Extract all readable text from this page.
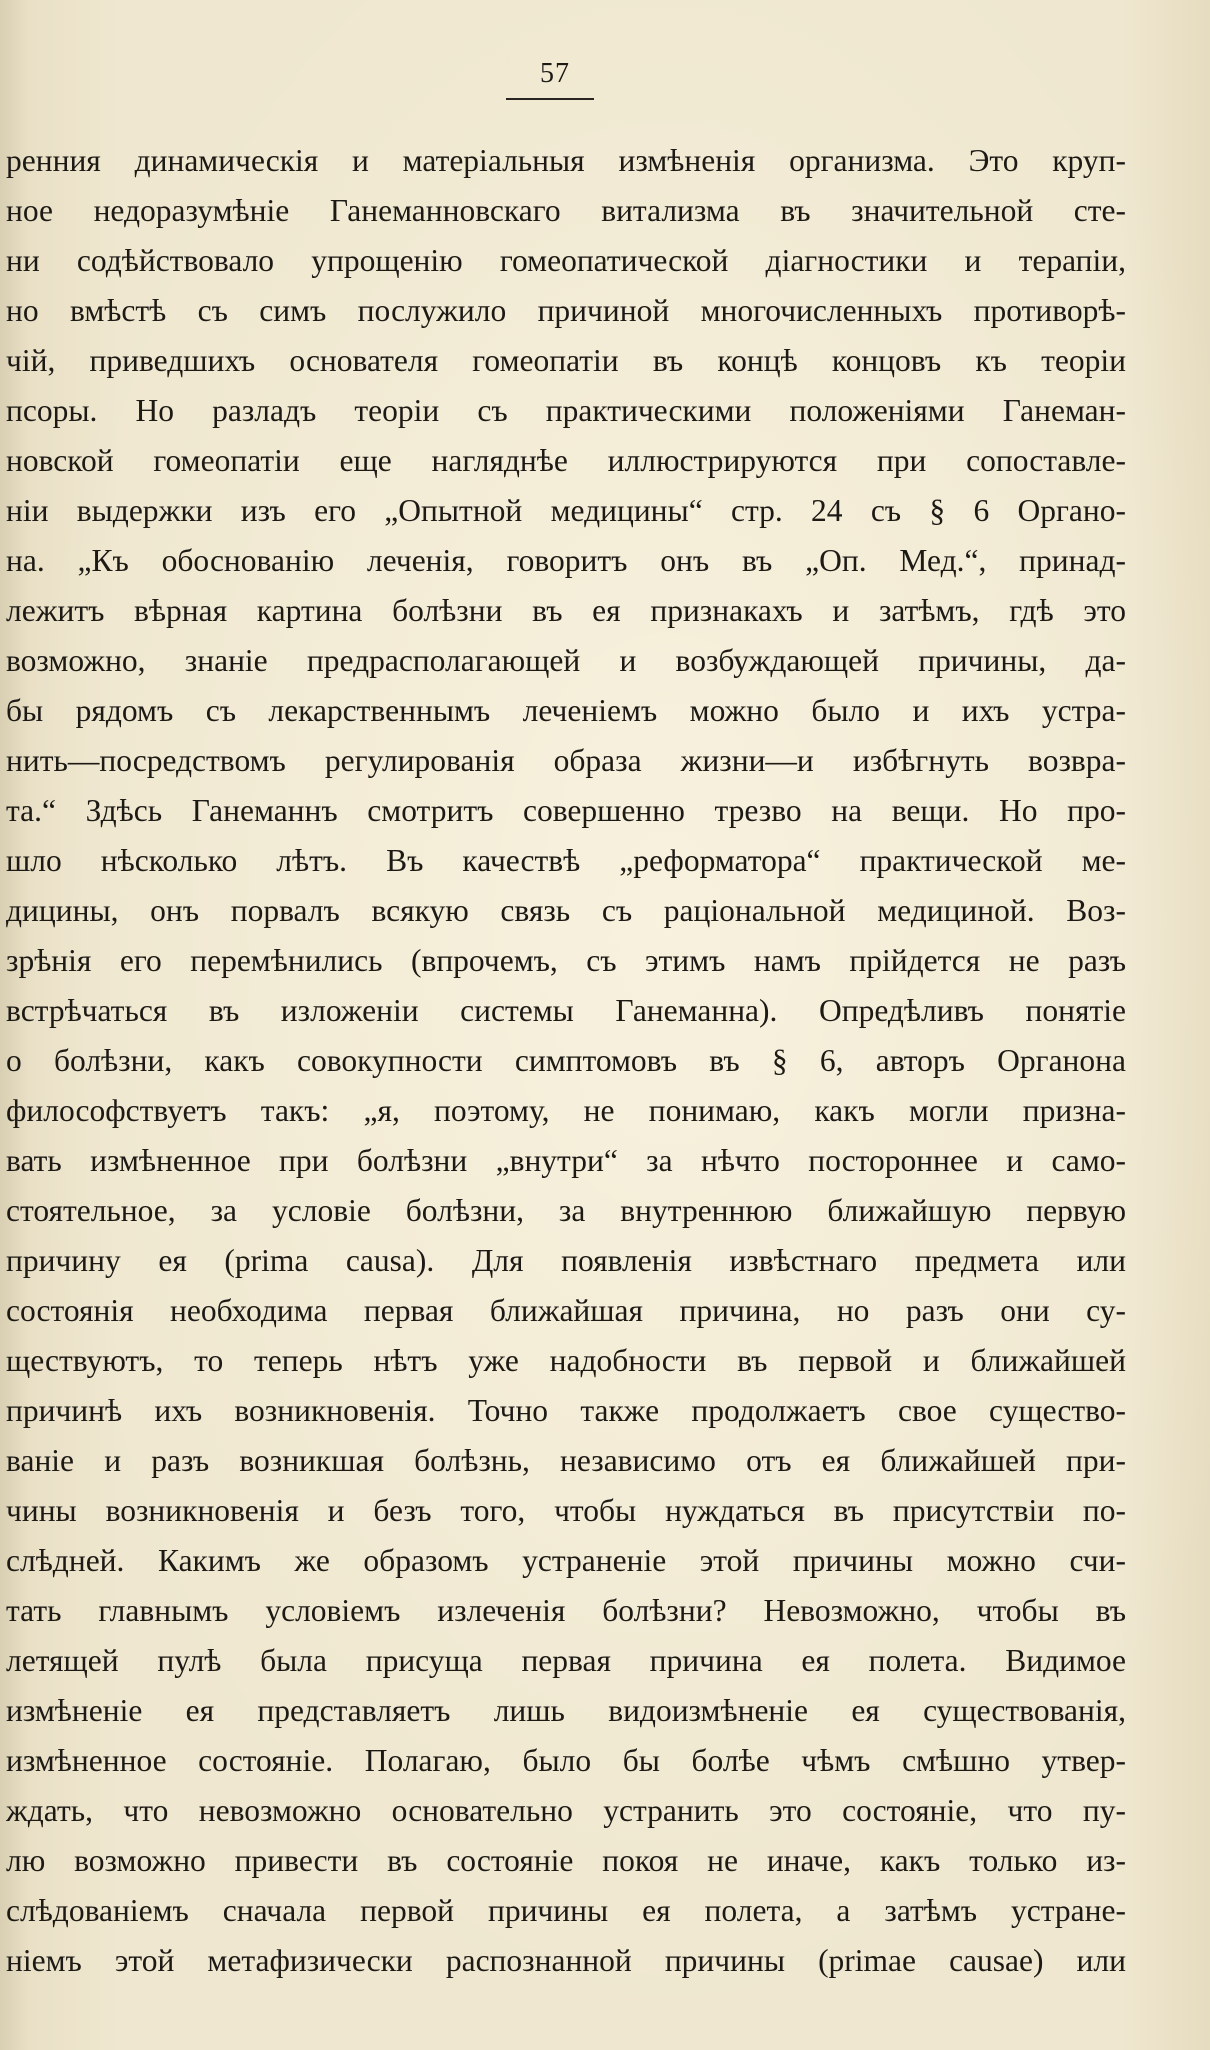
57
ренния динамическія и матеріальныя измѣненія организма. Это круп-
ное недоразумѣніе Ганеманновскаго витализма въ значительной сте-
ни содѣйствовало упрощенію гомеопатической діагностики и терапіи,
но вмѣстѣ съ симъ послужило причиной многочисленныхъ противорѣ-
чій, приведшихъ основателя гомеопатіи въ концѣ концовъ къ теоріи
псоры. Но разладъ теоріи съ практическими положеніями Ганеман-
новской гомеопатіи еще нагляднѣе иллюстрируются при сопоставле-
ніи выдержки изъ его „Опытной медицины“ стр. 24 съ § 6 Органо-
на. „Къ обоснованію леченія, говоритъ онъ въ „Оп. Мед.“, принад-
лежитъ вѣрная картина болѣзни въ ея признакахъ и затѣмъ, гдѣ это
возможно, знаніе предрасполагающей и возбуждающей причины, да-
бы рядомъ съ лекарственнымъ леченіемъ можно было и ихъ устра-
нить—посредствомъ регулированія образа жизни—и избѣгнуть возвра-
та.“ Здѣсь Ганеманнъ смотритъ совершенно трезво на вещи. Но про-
шло нѣсколько лѣтъ. Въ качествѣ „реформатора“ практической ме-
дицины, онъ порвалъ всякую связь съ раціональной медициной. Воз-
зрѣнія его перемѣнились (впрочемъ, съ этимъ намъ прійдется не разъ
встрѣчаться въ изложеніи системы Ганеманна). Опредѣливъ понятіе
о болѣзни, какъ совокупности симптомовъ въ § 6, авторъ Органона
философствуетъ такъ: „я, поэтому, не понимаю, какъ могли призна-
вать измѣненное при болѣзни „внутри“ за нѣчто постороннее и само-
стоятельное, за условіе болѣзни, за внутреннюю ближайшую первую
причину ея (prima causa). Для появленія извѣстнаго предмета или
состоянія необходима первая ближайшая причина, но разъ они су-
ществуютъ, то теперь нѣтъ уже надобности въ первой и ближайшей
причинѣ ихъ возникновенія. Точно также продолжаетъ свое существо-
ваніе и разъ возникшая болѣзнь, независимо отъ ея ближайшей при-
чины возникновенія и безъ того, чтобы нуждаться въ присутствіи по-
слѣдней. Какимъ же образомъ устраненіе этой причины можно счи-
тать главнымъ условіемъ излеченія болѣзни? Невозможно, чтобы въ
летящей пулѣ была присуща первая причина ея полета. Видимое
измѣненіе ея представляетъ лишь видоизмѣненіе ея существованія,
измѣненное состояніе. Полагаю, было бы болѣе чѣмъ смѣшно утвер-
ждать, что невозможно основательно устранить это состояніе, что пу-
лю возможно привести въ состояніе покоя не иначе, какъ только из-
слѣдованіемъ сначала первой причины ея полета, а затѣмъ устране-
ніемъ этой метафизически распознанной причины (primae causae) или
